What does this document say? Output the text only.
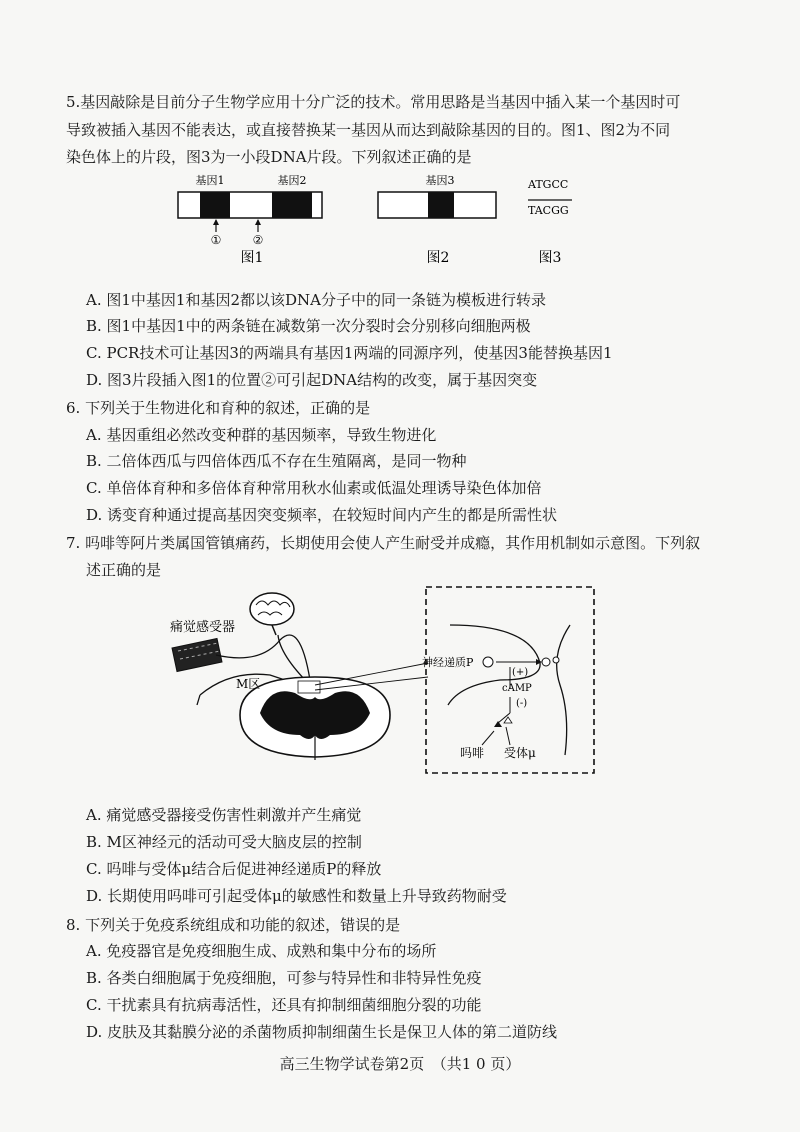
5.基因敲除是目前分子生物学应用十分广泛的技术。常用思路是当基因中插入某一个基因时可
导致被插入基因不能表达，或直接替换某一基因从而达到敲除基因的目的。图1、图2为不同
染色体上的片段，图3为一小段DNA片段。下列叙述正确的是
基因1	基因2
①	②
图1
基因3
图2
ATGCC
TACGG
图3
A. 图1中基因1和基因2都以该DNA分子中的同一条链为模板进行转录
B. 图1中基因1中的两条链在减数第一次分裂时会分别移向细胞两极
C. PCR技术可让基因3的两端具有基因1两端的同源序列，使基因3能替换基因1
D. 图3片段插入图1的位置②可引起DNA结构的改变，属于基因突变
6. 下列关于生物进化和育种的叙述，正确的是
A. 基因重组必然改变种群的基因频率，导致生物进化
B. 二倍体西瓜与四倍体西瓜不存在生殖隔离，是同一物种
C. 单倍体育种和多倍体育种常用秋水仙素或低温处理诱导染色体加倍
D. 诱变育种通过提高基因突变频率，在较短时间内产生的都是所需性状
7. 吗啡等阿片类属国管镇痛药，长期使用会使人产生耐受并成瘾，其作用机制如示意图。下列叙
述正确的是
痛觉感受器
M区
神经递质P
(+)
cAMP
(-)
吗啡 受体μ
A. 痛觉感受器接受伤害性刺激并产生痛觉
B. M区神经元的活动可受大脑皮层的控制
C. 吗啡与受体μ结合后促进神经递质P的释放
D. 长期使用吗啡可引起受体μ的敏感性和数量上升导致药物耐受
8. 下列关于免疫系统组成和功能的叙述，错误的是
A. 免疫器官是免疫细胞生成、成熟和集中分布的场所
B. 各类白细胞属于免疫细胞，可参与特异性和非特异性免疫
C. 干扰素具有抗病毒活性，还具有抑制细菌细胞分裂的功能
D. 皮肤及其黏膜分泌的杀菌物质抑制细菌生长是保卫人体的第二道防线
高三生物学试卷第2页　（共1 0 页）
